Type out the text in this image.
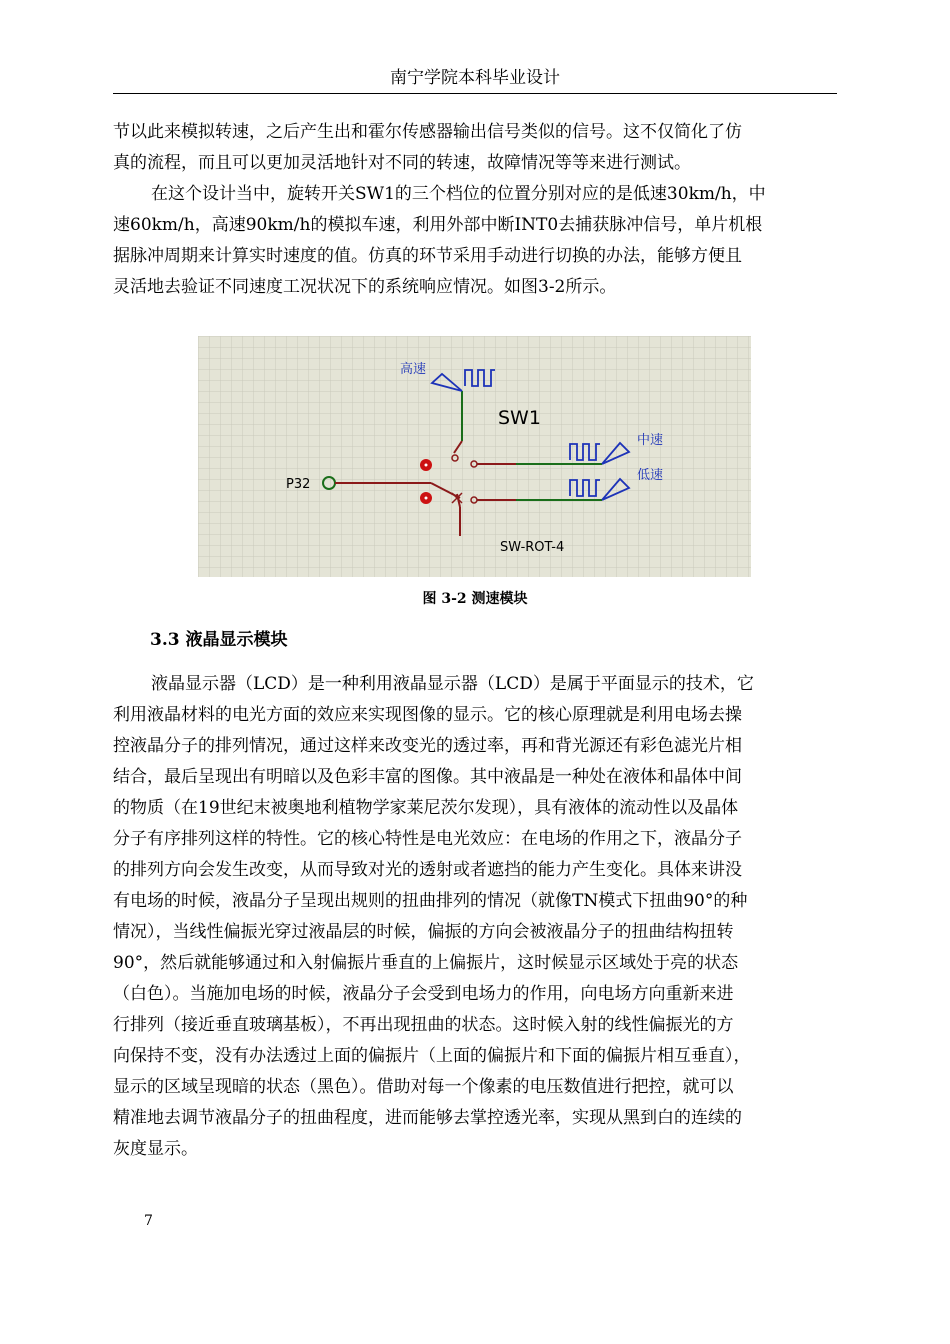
南宁学院本科毕业设计

节以此来模拟转速，之后产生出和霍尔传感器输出信号类似的信号。这不仅简化了仿
真的流程，而且可以更加灵活地针对不同的转速，故障情况等等来进行测试。

在这个设计当中，旋转开关SW1的三个档位的位置分别对应的是低速30km/h，中
速60km/h，高速90km/h的模拟车速，利用外部中断INT0去捕获脉冲信号，单片机根
据脉冲周期来计算实时速度的值。仿真的环节采用手动进行切换的办法，能够方便且
灵活地去验证不同速度工况状况下的系统响应情况。如图3-2所示。

高速
中速
低速
SW1
P32
SW-ROT-4
图 3-2 测速模块
3.3 液晶显示模块

液晶显示器（LCD）是一种利用液晶显示器（LCD）是属于平面显示的技术，它
利用液晶材料的电光方面的效应来实现图像的显示。它的核心原理就是利用电场去操
控液晶分子的排列情况，通过这样来改变光的透过率，再和背光源还有彩色滤光片相
结合，最后呈现出有明暗以及色彩丰富的图像。其中液晶是一种处在液体和晶体中间
的物质（在19世纪末被奥地利植物学家莱尼茨尔发现），具有液体的流动性以及晶体
分子有序排列这样的特性。它的核心特性是电光效应：在电场的作用之下，液晶分子
的排列方向会发生改变，从而导致对光的透射或者遮挡的能力产生变化。具体来讲没
有电场的时候，液晶分子呈现出规则的扭曲排列的情况（就像TN模式下扭曲90°的种
情况），当线性偏振光穿过液晶层的时候，偏振的方向会被液晶分子的扭曲结构扭转
90°，然后就能够通过和入射偏振片垂直的上偏振片，这时候显示区域处于亮的状态
（白色）。当施加电场的时候，液晶分子会受到电场力的作用，向电场方向重新来进
行排列（接近垂直玻璃基板），不再出现扭曲的状态。这时候入射的线性偏振光的方
向保持不变，没有办法透过上面的偏振片（上面的偏振片和下面的偏振片相互垂直），
显示的区域呈现暗的状态（黑色）。借助对每一个像素的电压数值进行把控，就可以
精准地去调节液晶分子的扭曲程度，进而能够去掌控透光率，实现从黑到白的连续的
灰度显示。

7
